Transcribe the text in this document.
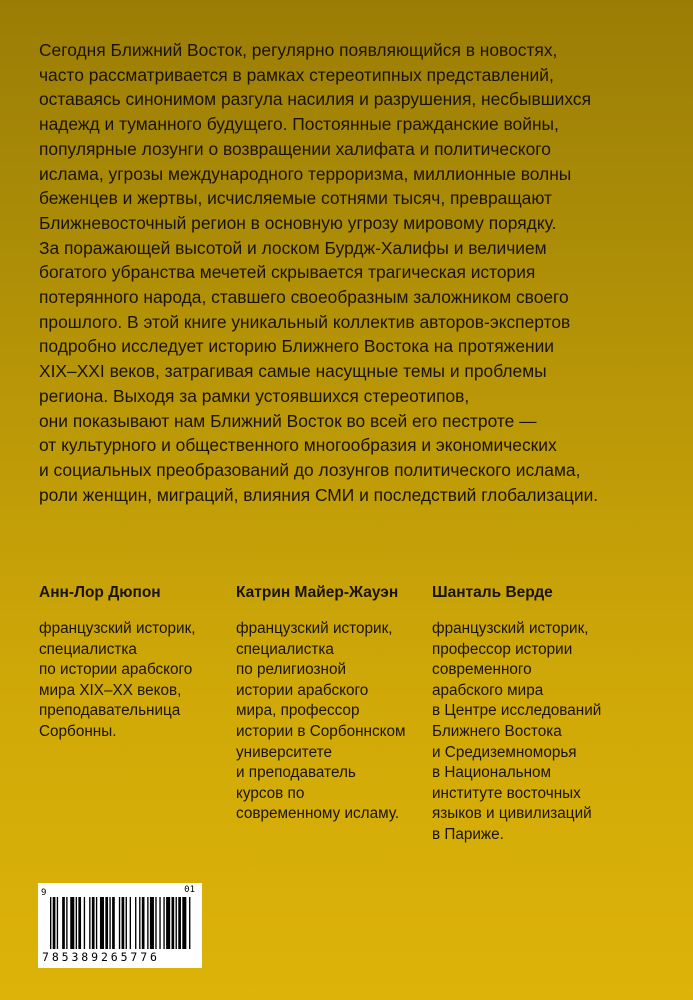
Сегодня Ближний Восток, регулярно появляющийся в новостях,
часто рассматривается в рамках стереотипных представлений,
оставаясь синонимом разгула насилия и разрушения, несбывшихся
надежд и туманного будущего. Постоянные гражданские войны,
популярные лозунги о возвращении халифата и политического
ислама, угрозы международного терроризма, миллионные волны
беженцев и жертвы, исчисляемые сотнями тысяч, превращают
Ближневосточный регион в основную угрозу мировому порядку.
За поражающей высотой и лоском Бурдж-Халифы и величием
богатого убранства мечетей скрывается трагическая история
потерянного народа, ставшего своеобразным заложником своего
прошлого. В этой книге уникальный коллектив авторов-экспертов
подробно исследует историю Ближнего Востока на протяжении
XIX–XXI веков, затрагивая самые насущные темы и проблемы
региона. Выходя за рамки устоявшихся стереотипов,
они показывают нам Ближний Восток во всей его пестроте —
от культурного и общественного многообразия и экономических
и социальных преобразований до лозунгов политического ислама,
роли женщин, миграций, влияния СМИ и последствий глобализации.
Анн-Лор Дюпон
французский историк,
специалистка
по истории арабского
мира XIX–XX веков,
преподавательница
Сорбонны.
Катрин Майер-Жауэн
французский историк,
специалистка
по религиозной
истории арабского
мира, профессор
истории в Сорбоннском
университете
и преподаватель
курсов по
современному исламу.
Шанталь Верде
французский историк,
профессор истории
современного
арабского мира
в Центре исследований
Ближнего Востока
и Средиземноморья
в Национальном
институте восточных
языков и цивилизаций
в Париже.
9	01
785389265776
